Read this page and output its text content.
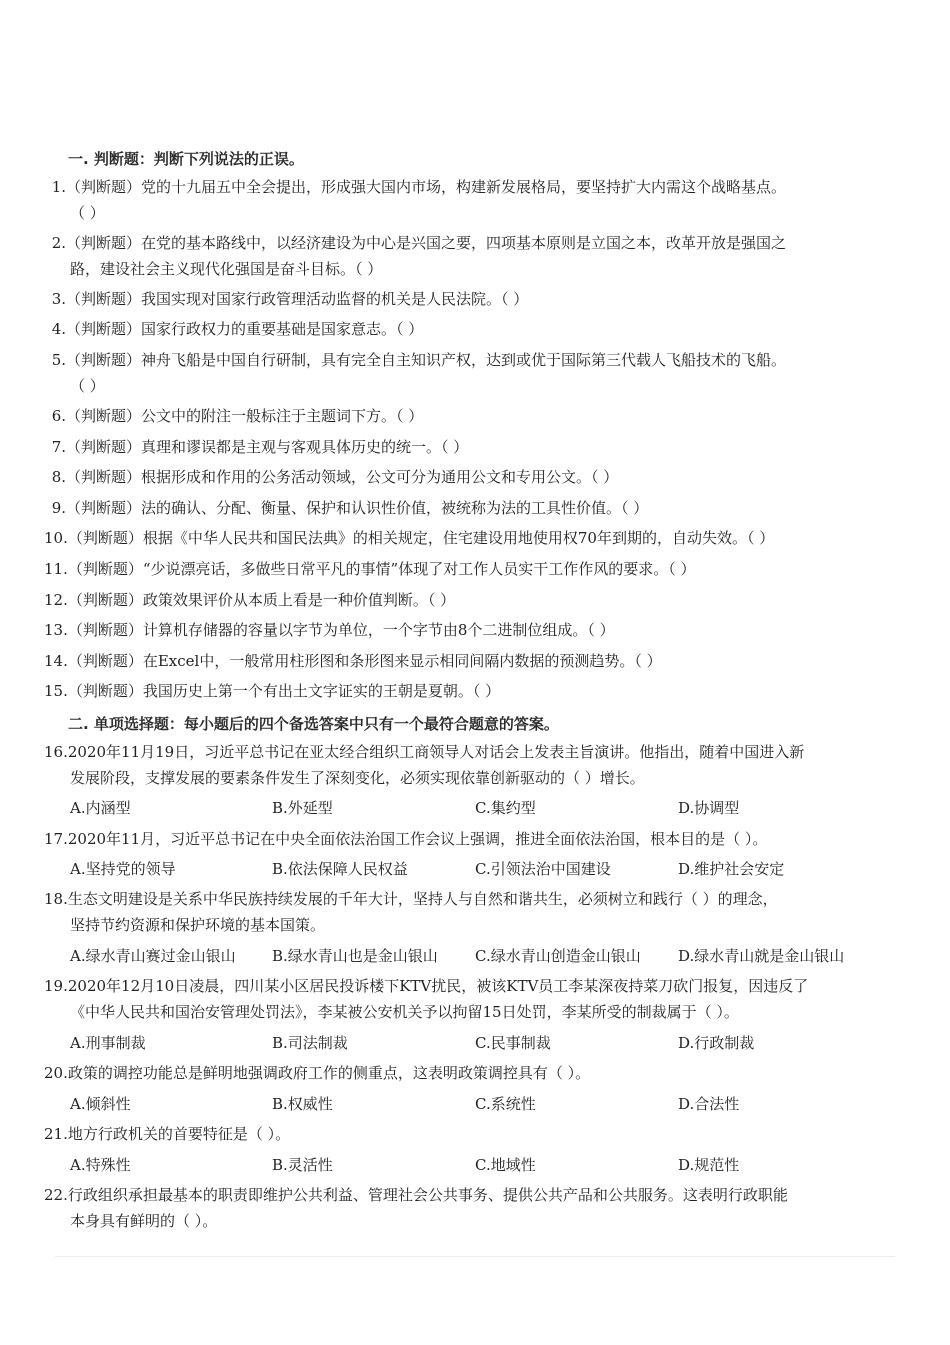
一. 判断题：判断下列说法的正误。
1.（判断题）党的十九届五中全会提出，形成强大国内市场，构建新发展格局，要坚持扩大内需这个战略基点。
（ ）
2.（判断题）在党的基本路线中，以经济建设为中心是兴国之要，四项基本原则是立国之本，改革开放是强国之
路，建设社会主义现代化强国是奋斗目标。（ ）
3.（判断题）我国实现对国家行政管理活动监督的机关是人民法院。（ ）
4.（判断题）国家行政权力的重要基础是国家意志。（ ）
5.（判断题）神舟飞船是中国自行研制，具有完全自主知识产权，达到或优于国际第三代载人飞船技术的飞船。
（ ）
6.（判断题）公文中的附注一般标注于主题词下方。（ ）
7.（判断题）真理和谬误都是主观与客观具体历史的统一。（ ）
8.（判断题）根据形成和作用的公务活动领域，公文可分为通用公文和专用公文。（ ）
9.（判断题）法的确认、分配、衡量、保护和认识性价值，被统称为法的工具性价值。（ ）
10.（判断题）根据《中华人民共和国民法典》的相关规定，住宅建设用地使用权70年到期的，自动失效。（ ）
11.（判断题）“少说漂亮话，多做些日常平凡的事情”体现了对工作人员实干工作作风的要求。（ ）
12.（判断题）政策效果评价从本质上看是一种价值判断。（ ）
13.（判断题）计算机存储器的容量以字节为单位，一个字节由8个二进制位组成。（ ）
14.（判断题）在Excel中，一般常用柱形图和条形图来显示相同间隔内数据的预测趋势。（ ）
15.（判断题）我国历史上第一个有出土文字证实的王朝是夏朝。（ ）
二. 单项选择题：每小题后的四个备选答案中只有一个最符合题意的答案。
16.2020年11月19日，习近平总书记在亚太经合组织工商领导人对话会上发表主旨演讲。他指出，随着中国进入新
发展阶段，支撑发展的要素条件发生了深刻变化，必须实现依靠创新驱动的（ ）增长。
A.内涵型	B.外延型	C.集约型	D.协调型
17.2020年11月，习近平总书记在中央全面依法治国工作会议上强调，推进全面依法治国，根本目的是（ ）。
A.坚持党的领导	B.依法保障人民权益	C.引领法治中国建设	D.维护社会安定
18.生态文明建设是关系中华民族持续发展的千年大计，坚持人与自然和谐共生，必须树立和践行（ ）的理念，
坚持节约资源和保护环境的基本国策。
A.绿水青山赛过金山银山 B.绿水青山也是金山银山 C.绿水青山创造金山银山 D.绿水青山就是金山银山
19.2020年12月10日凌晨，四川某小区居民投诉楼下KTV扰民，被该KTV员工李某深夜持菜刀砍门报复，因违反了
《中华人民共和国治安管理处罚法》，李某被公安机关予以拘留15日处罚，李某所受的制裁属于（ ）。
A.刑事制裁	B.司法制裁	C.民事制裁	D.行政制裁
20.政策的调控功能总是鲜明地强调政府工作的侧重点，这表明政策调控具有（ ）。
A.倾斜性	B.权威性	C.系统性	D.合法性
21.地方行政机关的首要特征是（ ）。
A.特殊性	B.灵活性	C.地域性	D.规范性
22.行政组织承担最基本的职责即维护公共利益、管理社会公共事务、提供公共产品和公共服务。这表明行政职能
本身具有鲜明的（ ）。
